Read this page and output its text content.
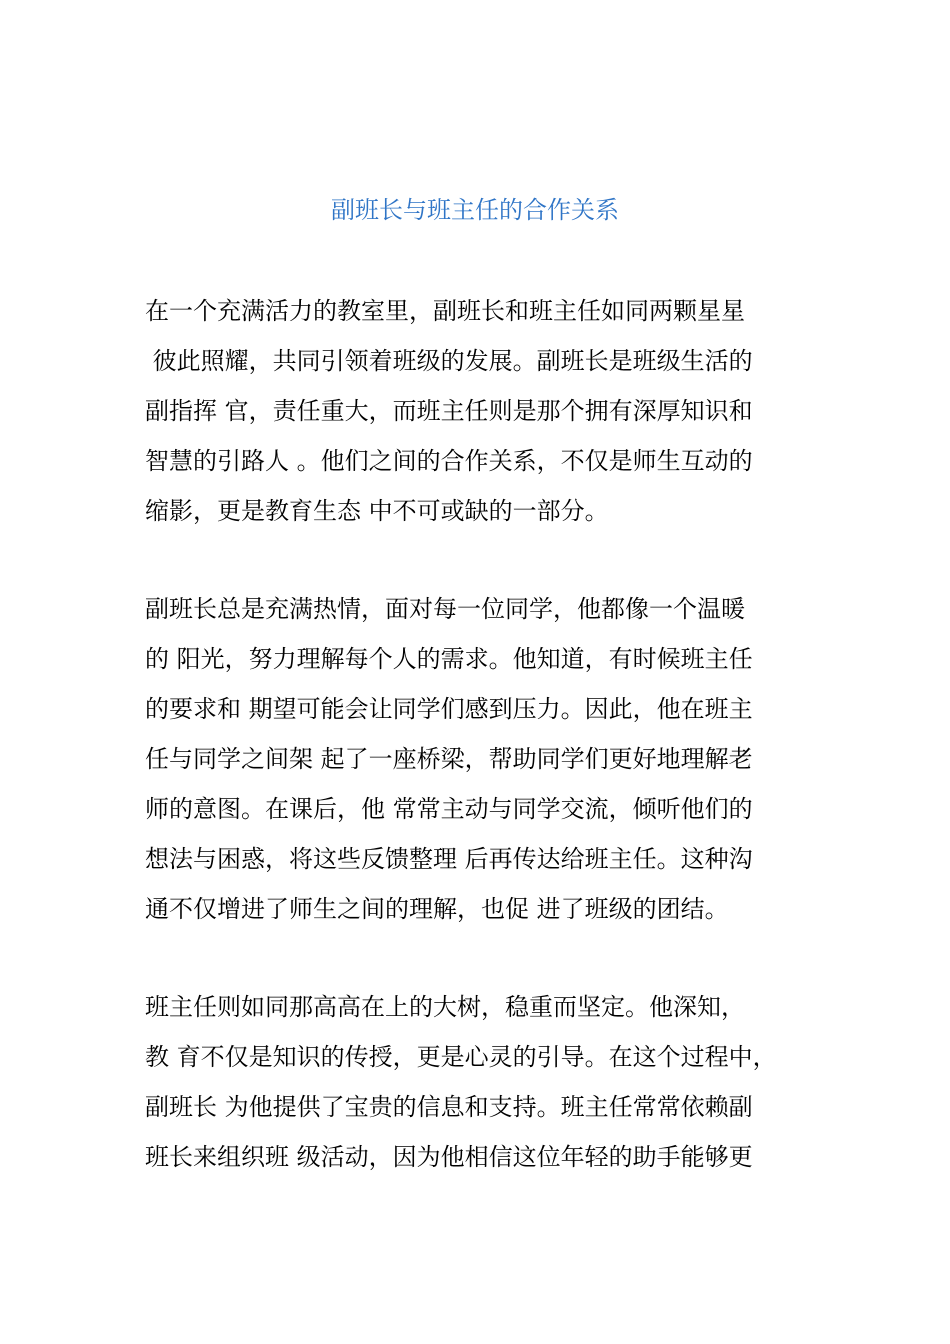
副班长与班主任的合作关系
在一个充满活力的教室里，副班长和班主任如同两颗星星
彼此照耀，共同引领着班级的发展。副班长是班级生活的
副指挥 官，责任重大，而班主任则是那个拥有深厚知识和
智慧的引路人 。他们之间的合作关系，不仅是师生互动的
缩影，更是教育生态 中不可或缺的一部分。
副班长总是充满热情，面对每一位同学，他都像一个温暖
的 阳光，努力理解每个人的需求。他知道，有时候班主任
的要求和 期望可能会让同学们感到压力。因此，他在班主
任与同学之间架 起了一座桥梁，帮助同学们更好地理解老
师的意图。在课后，他 常常主动与同学交流，倾听他们的
想法与困惑，将这些反馈整理 后再传达给班主任。这种沟
通不仅增进了师生之间的理解，也促 进了班级的团结。
班主任则如同那高高在上的大树，稳重而坚定。他深知，
教 育不仅是知识的传授，更是心灵的引导。在这个过程中，
副班长 为他提供了宝贵的信息和支持。班主任常常依赖副
班长来组织班 级活动，因为他相信这位年轻的助手能够更
